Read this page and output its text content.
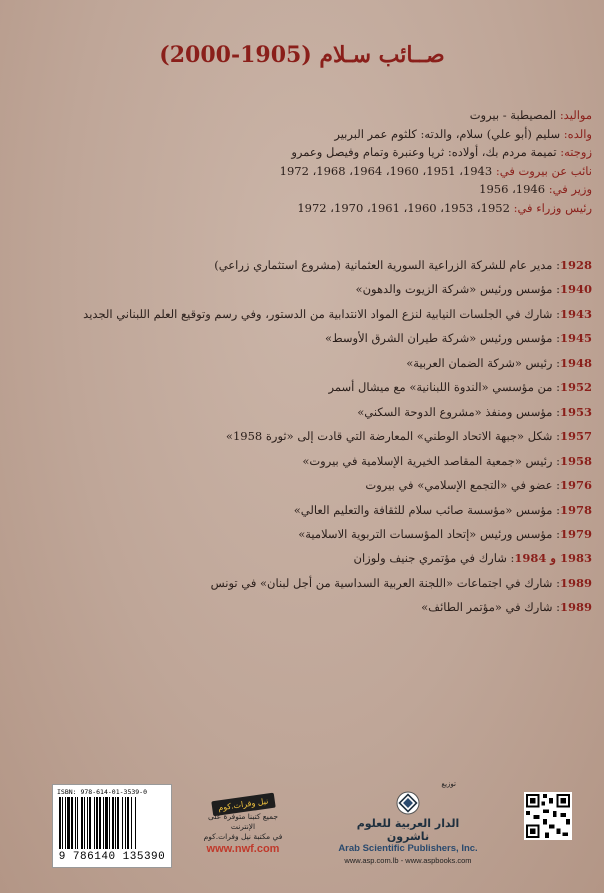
صــائب سـلام (1905-2000)
مواليد: المصيطبة - بيروت
والده: سليم (أبو علي) سلام، والدته: كلثوم عمر البربير
زوجته: تميمة مردم بك، أولاده: ثريا وعنبرة وتمام وفيصل وعمرو
نائب عن بيروت في: 1943، 1951، 1960، 1964، 1968، 1972
وزير في: 1946، 1956
رئيس وزراء في: 1952، 1953، 1960، 1961، 1970، 1972
1928: مدير عام للشركة الزراعية السورية العثمانية (مشروع استثماري زراعي)
1940: مؤسس ورئيس «شركة الزيوت والدهون»
1943: شارك في الجلسات النيابية لنزع المواد الانتدابية من الدستور، وفي رسم وتوقيع العلم اللبناني الجديد
1945: مؤسس ورئيس «شركة طيران الشرق الأوسط»
1948: رئيس «شركة الضمان العربية»
1952: من مؤسسي «الندوة اللبنانية» مع ميشال أسمر
1953: مؤسس ومنفذ «مشروع الدوحة السكني»
1957: شكل «جبهة الاتحاد الوطني» المعارضة التي قادت إلى «ثورة 1958»
1958: رئيس «جمعية المقاصد الخيرية الإسلامية في بيروت»
1976: عضو في «التجمع الإسلامي» في بيروت
1978: مؤسس «مؤسسة صائب سلام للثقافة والتعليم العالي»
1979: مؤسس ورئيس «إتحاد المؤسسات التربوية الاسلامية»
1983 و 1984: شارك في مؤتمري جنيف ولوزان
1989: شارك في اجتماعات «اللجنة العربية السداسية من أجل لبنان» في تونس
1989: شارك في «مؤتمر الطائف»
ISBN: 978-614-01-3539-0
9 786140 135390
نيل وفرات.كوم
جميع كتبنا متوفرة على الإنترنت
في مكتبة نيل وفرات.كوم
www.nwf.com
توزيع
الدار العربية للعلوم ناشرون
Arab Scientific Publishers, Inc.
www.asp.com.lb - www.aspbooks.com
